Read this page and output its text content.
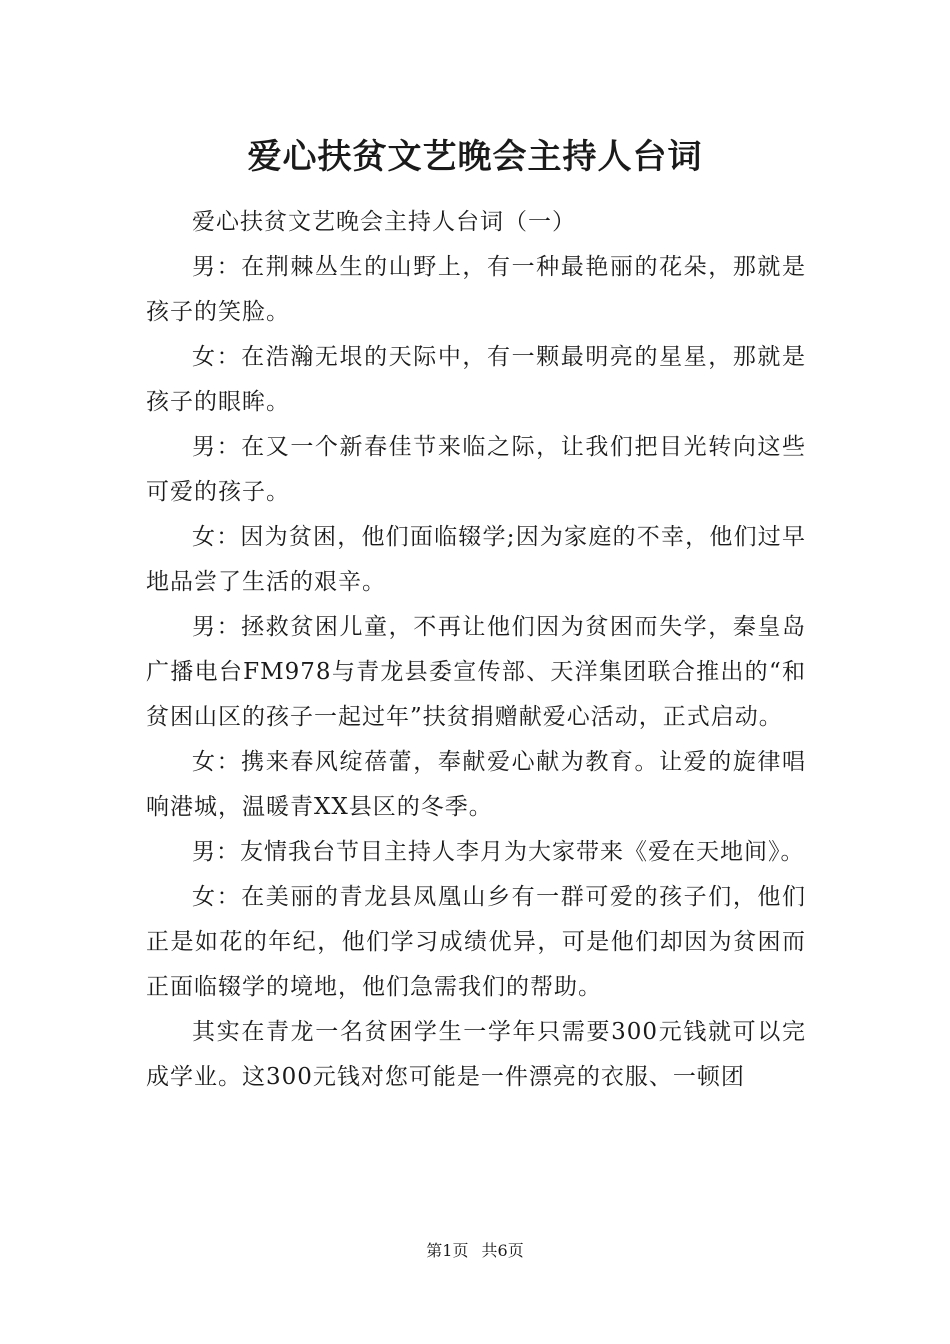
爱心扶贫文艺晚会主持人台词

爱心扶贫文艺晚会主持人台词（一）

男：在荆棘丛生的山野上，有一种最艳丽的花朵，那就是孩子的笑脸。

女：在浩瀚无垠的天际中，有一颗最明亮的星星，那就是孩子的眼眸。

男：在又一个新春佳节来临之际，让我们把目光转向这些可爱的孩子。

女：因为贫困，他们面临辍学;因为家庭的不幸，他们过早地品尝了生活的艰辛。

男：拯救贫困儿童，不再让他们因为贫困而失学，秦皇岛广播电台FM978与青龙县委宣传部、天洋集团联合推出的“和贫困山区的孩子一起过年”扶贫捐赠献爱心活动，正式启动。

女：携来春风绽蓓蕾，奉献爱心献为教育。让爱的旋律唱响港城，温暖青XX县区的冬季。

男：友情我台节目主持人李月为大家带来《爱在天地间》。

女：在美丽的青龙县凤凰山乡有一群可爱的孩子们，他们正是如花的年纪，他们学习成绩优异，可是他们却因为贫困而正面临辍学的境地，他们急需我们的帮助。

其实在青龙一名贫困学生一学年只需要300元钱就可以完成学业。这300元钱对您可能是一件漂亮的衣服、一顿团

第1页 共6页
